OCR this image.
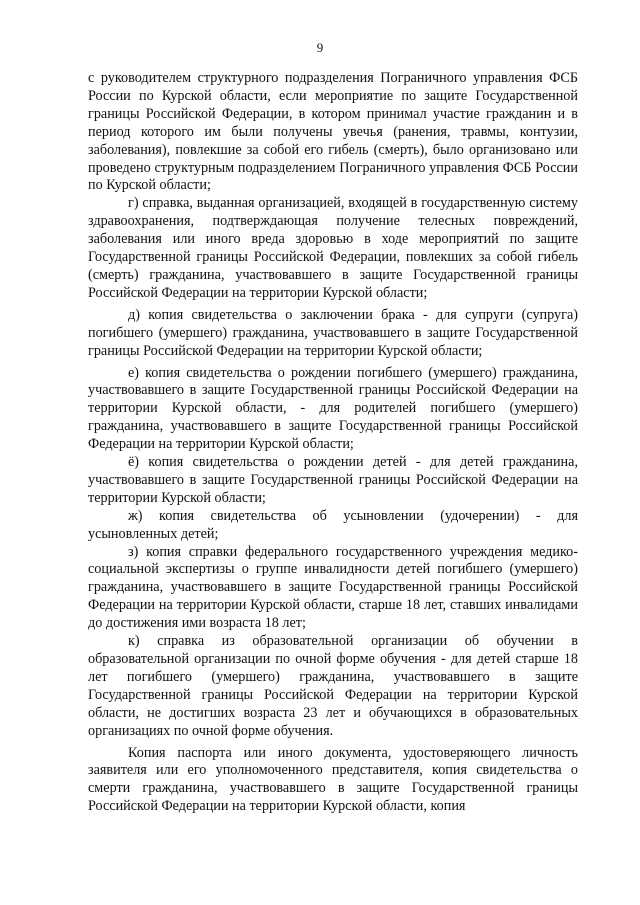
9

с руководителем структурного подразделения Пограничного управления ФСБ России по Курской области, если мероприятие по защите Государственной границы Российской Федерации, в котором принимал участие гражданин и в период которого им были получены увечья (ранения, травмы, контузии, заболевания), повлекшие за собой его гибель (смерть), было организовано или проведено структурным подразделением Пограничного управления ФСБ России по Курской области;

г) справка, выданная организацией, входящей в государственную систему здравоохранения, подтверждающая получение телесных повреждений, заболевания или иного вреда здоровью в ходе мероприятий по защите Государственной границы Российской Федерации, повлекших за собой гибель (смерть) гражданина, участвовавшего в защите Государственной границы Российской Федерации на территории Курской области;

д) копия свидетельства о заключении брака - для супруги (супруга) погибшего (умершего) гражданина, участвовавшего в защите Государственной границы Российской Федерации на территории Курской области;

е) копия свидетельства о рождении погибшего (умершего) гражданина, участвовавшего в защите Государственной границы Российской Федерации на территории Курской области, - для родителей погибшего (умершего) гражданина, участвовавшего в защите Государственной границы Российской Федерации на территории Курской области;

ё) копия свидетельства о рождении детей - для детей гражданина, участвовавшего в защите Государственной границы Российской Федерации на территории Курской области;

ж) копия свидетельства об усыновлении (удочерении) - для усыновленных детей;

з) копия справки федерального государственного учреждения медико-социальной экспертизы о группе инвалидности детей погибшего (умершего) гражданина, участвовавшего в защите Государственной границы Российской Федерации на территории Курской области, старше 18 лет, ставших инвалидами до достижения ими возраста 18 лет;

к) справка из образовательной организации об обучении в образовательной организации по очной форме обучения - для детей старше 18 лет погибшего (умершего) гражданина, участвовавшего в защите Государственной границы Российской Федерации на территории Курской области, не достигших возраста 23 лет и обучающихся в образовательных организациях по очной форме обучения.

Копия паспорта или иного документа, удостоверяющего личность заявителя или его уполномоченного представителя, копия свидетельства о смерти гражданина, участвовавшего в защите Государственной границы Российской Федерации на территории Курской области, копия
